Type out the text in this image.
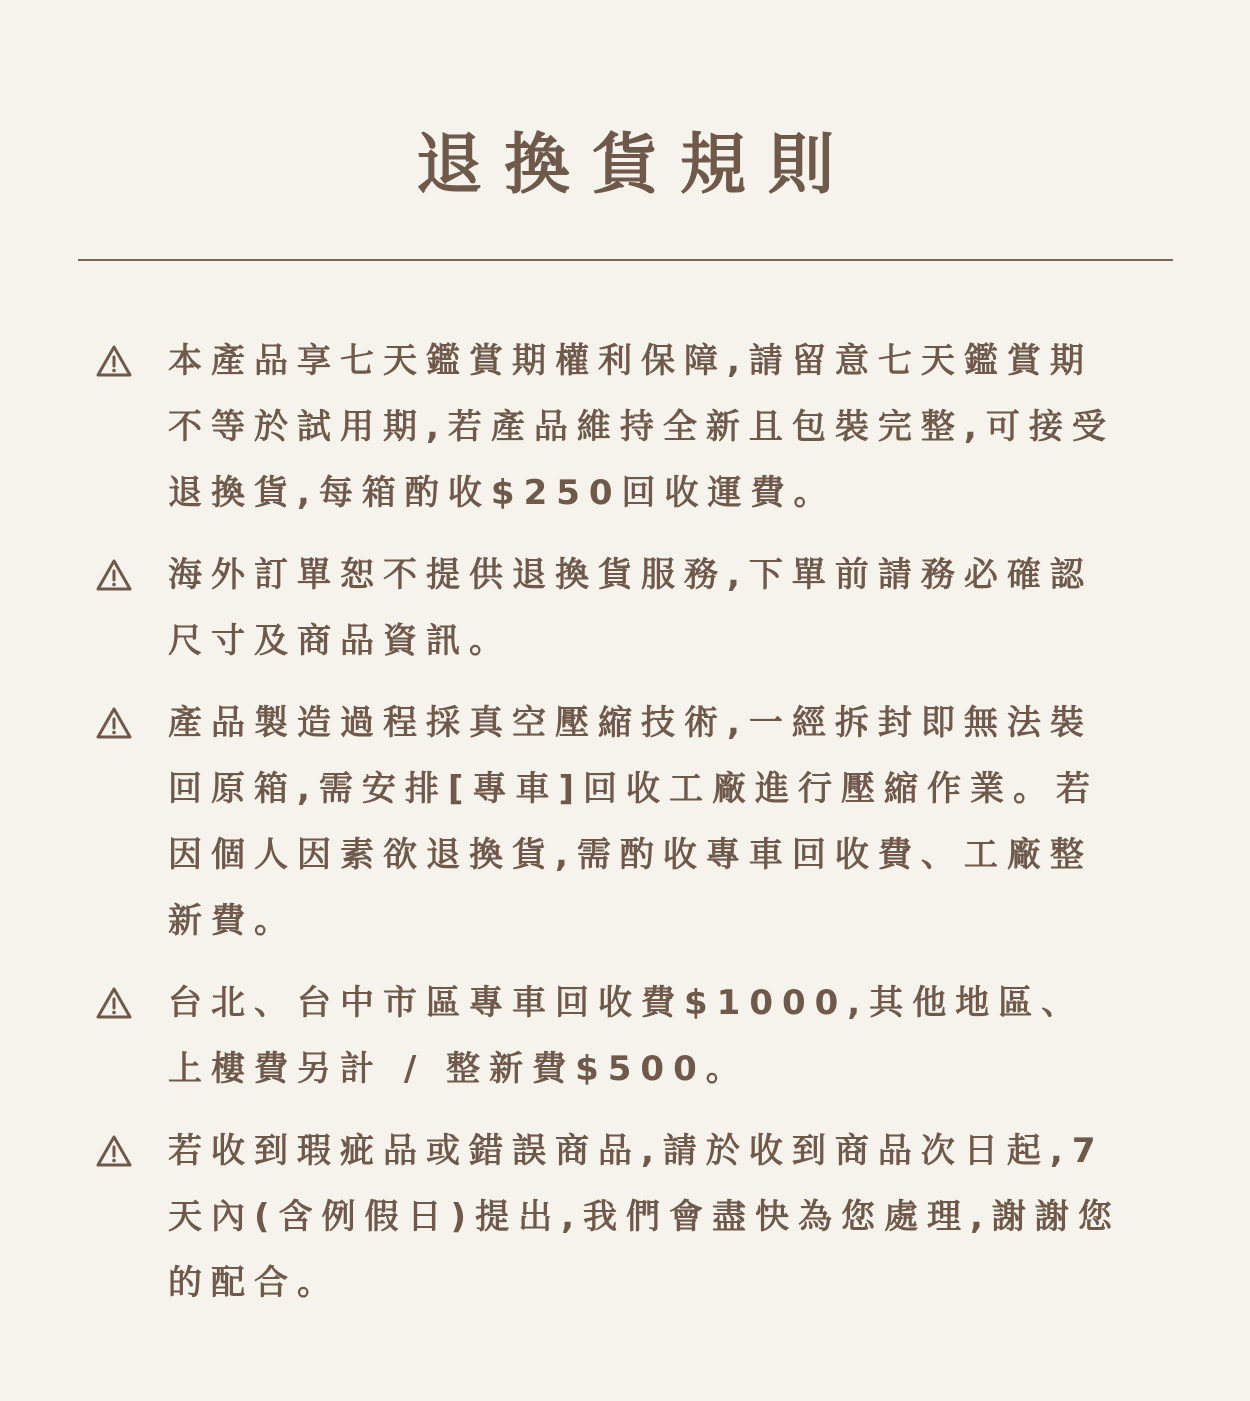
退換貨規則
本產品享七天鑑賞期權利保障,請留意七天鑑賞期不等於試用期,若產品維持全新且包裝完整,可接受退換貨,每箱酌收$250回收運費。
海外訂單恕不提供退換貨服務,下單前請務必確認尺寸及商品資訊。
產品製造過程採真空壓縮技術,一經拆封即無法裝回原箱,需安排[專車]回收工廠進行壓縮作業。若因個人因素欲退換貨,需酌收專車回收費、工廠整新費。
台北、台中市區專車回收費$1000,其他地區、上樓費另計 / 整新費$500。
若收到瑕疵品或錯誤商品,請於收到商品次日起,7天內(含例假日)提出,我們會盡快為您處理,謝謝您的配合。
